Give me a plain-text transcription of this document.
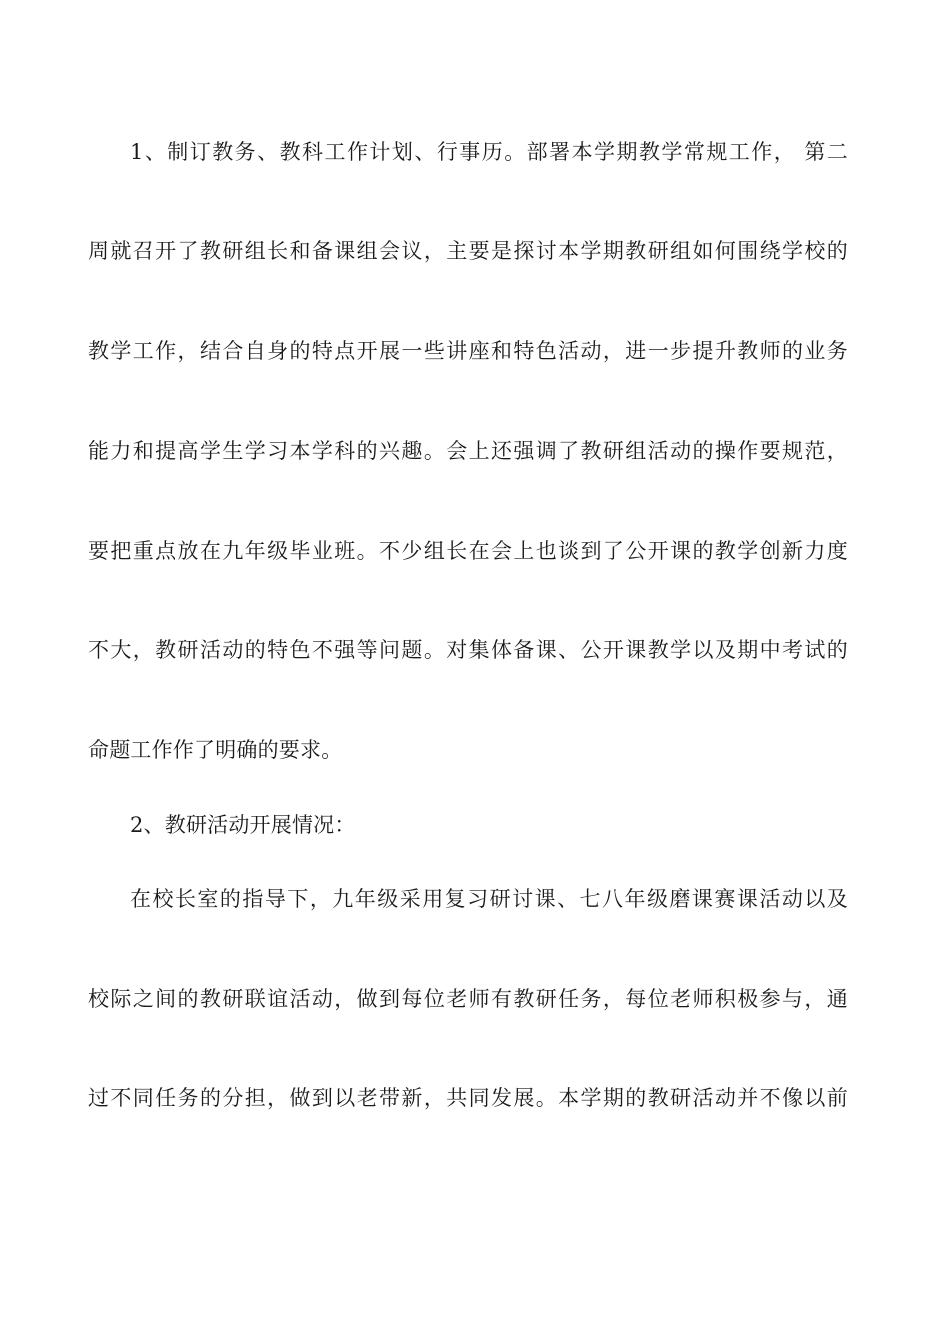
1、制订教务、教科工作计划、行事历。部署本学期教学常规工作， 第二
周就召开了教研组长和备课组会议，主要是探讨本学期教研组如何围绕学校的
教学工作，结合自身的特点开展一些讲座和特色活动，进一步提升教师的业务
能力和提高学生学习本学科的兴趣。会上还强调了教研组活动的操作要规范，
要把重点放在九年级毕业班。不少组长在会上也谈到了公开课的教学创新力度
不大，教研活动的特色不强等问题。对集体备课、公开课教学以及期中考试的
命题工作作了明确的要求。
2、教研活动开展情况：
在校长室的指导下，九年级采用复习研讨课、七八年级磨课赛课活动以及
校际之间的教研联谊活动，做到每位老师有教研任务，每位老师积极参与，通
过不同任务的分担，做到以老带新，共同发展。本学期的教研活动并不像以前
